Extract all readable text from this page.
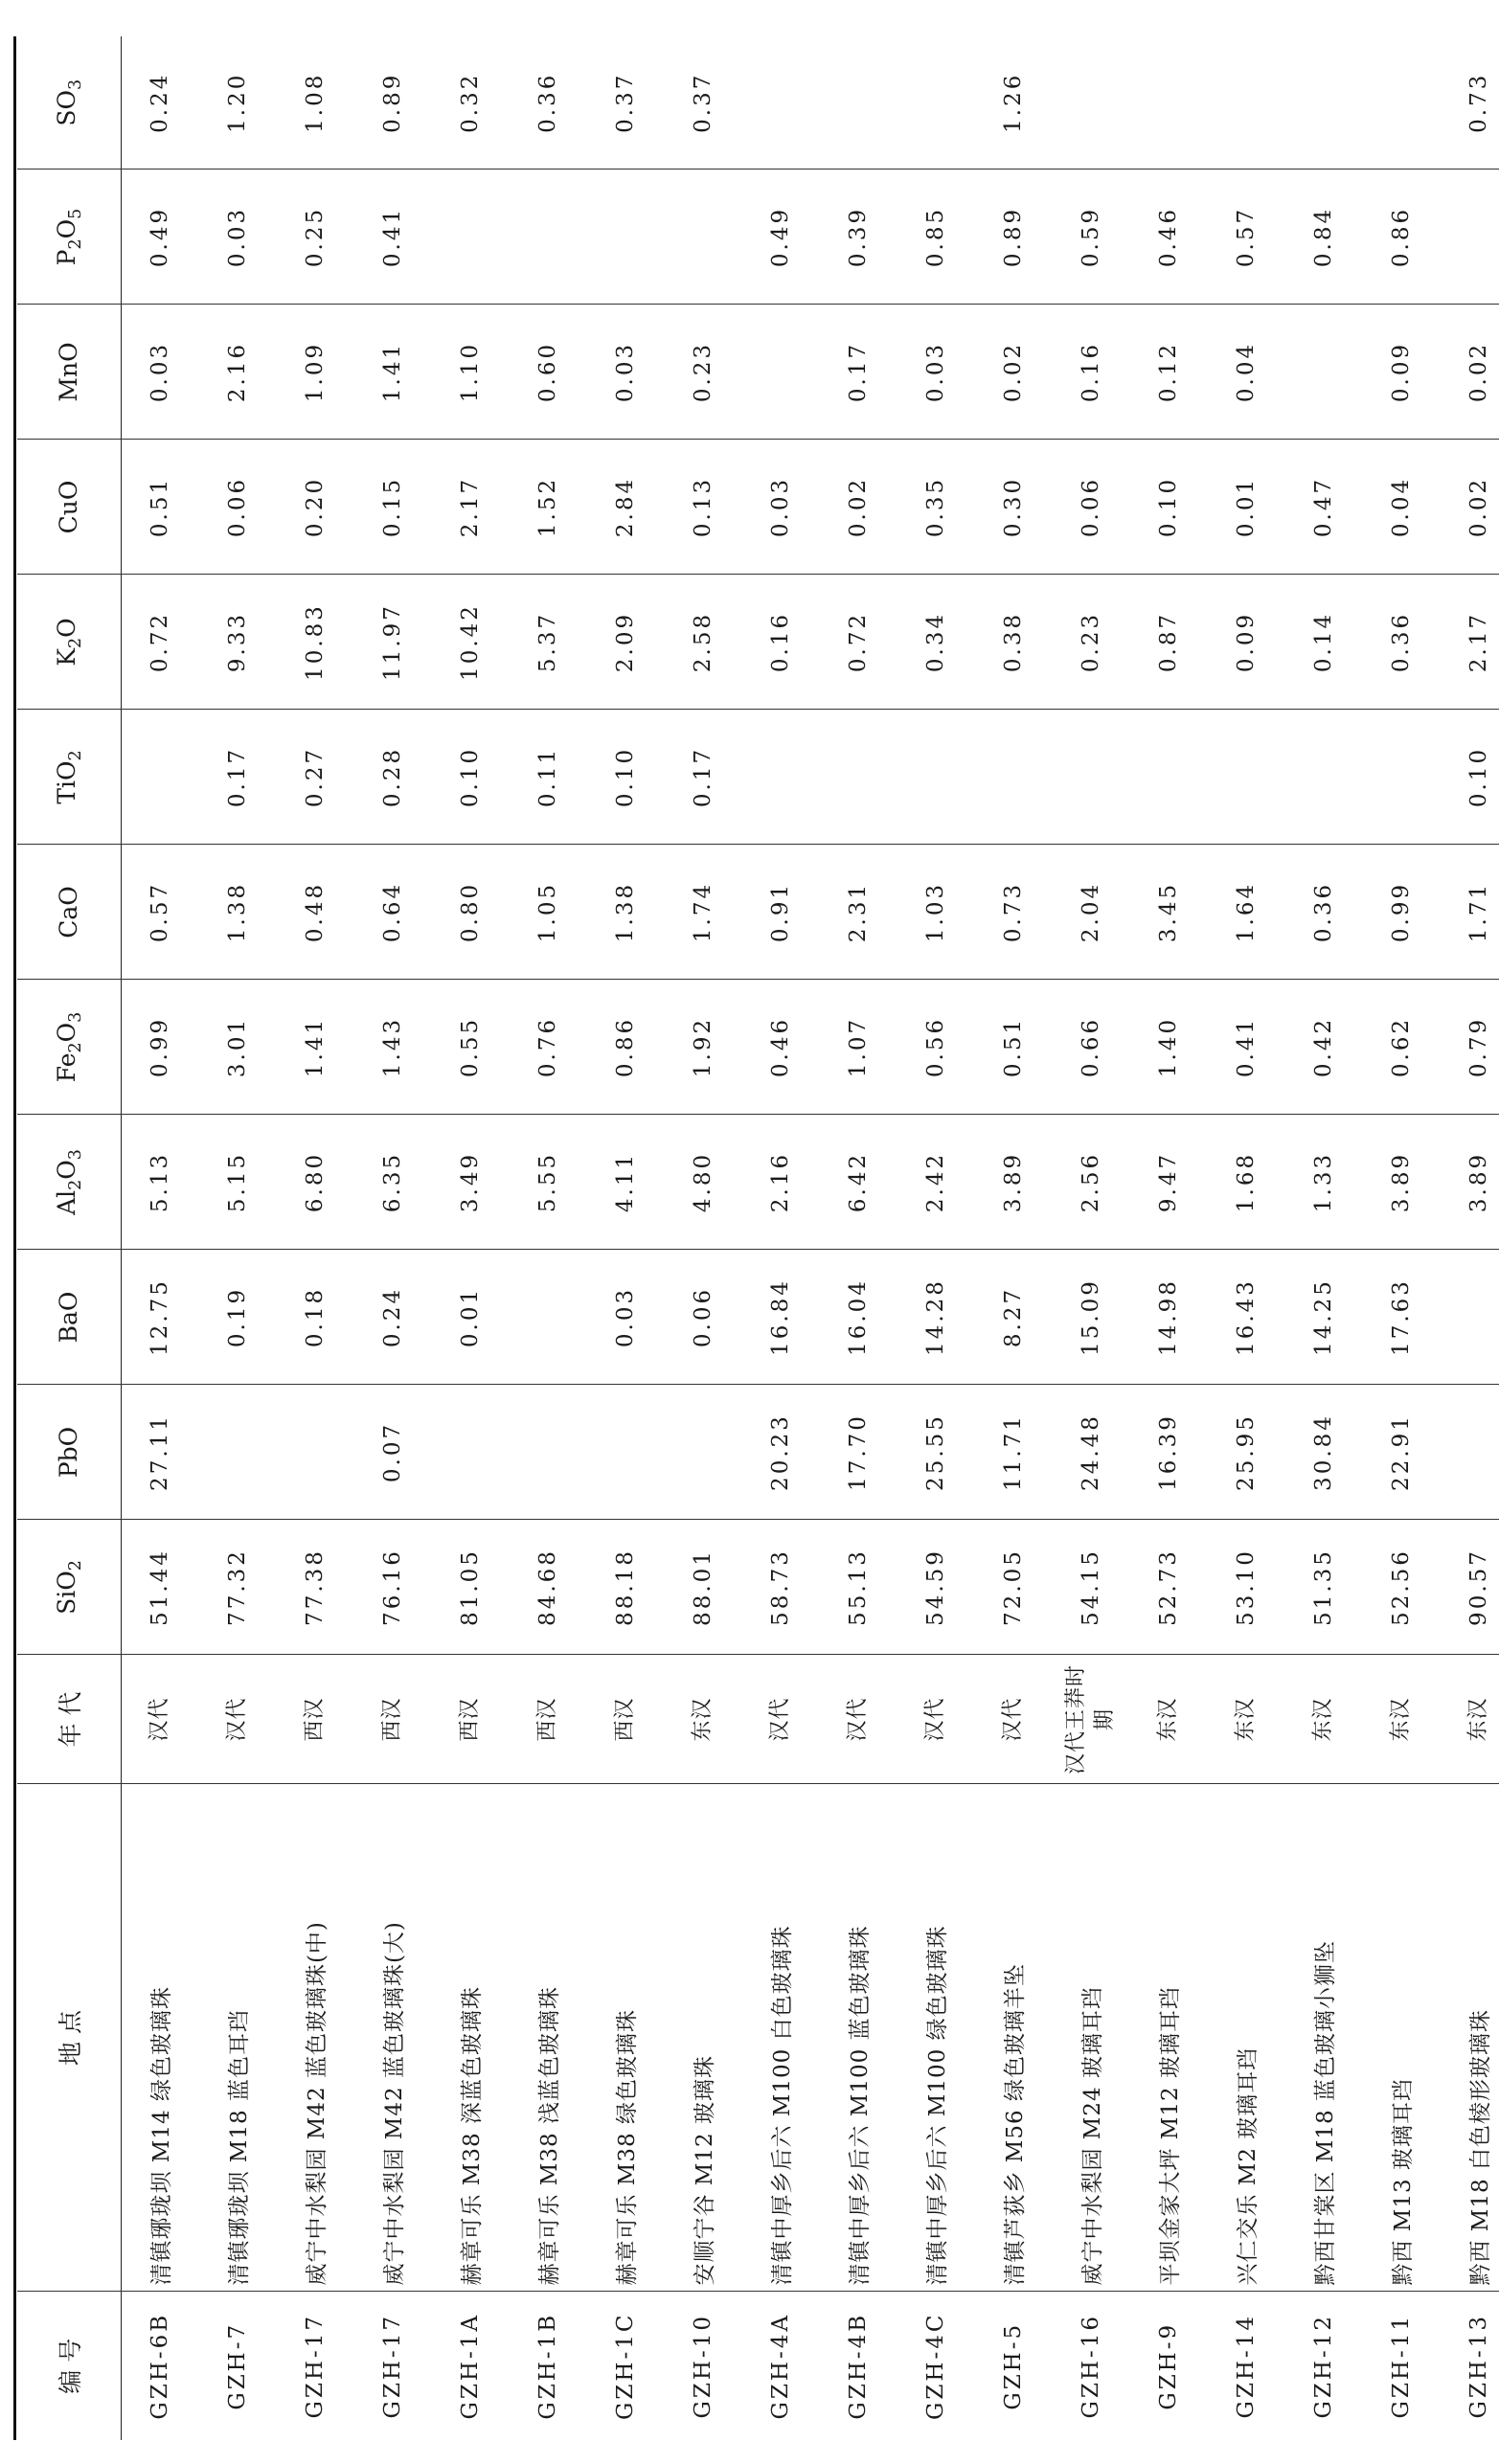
编 号	地 点	年 代	SiO$_2$	PbO	BaO	$Al_2O_3$	$Fe_2O_3$	CaO	TiO$_2$	$K_2O$	CuO	MnO	$P_2O_5$	$SO_3$
GZH-6B	清镇琊珑坝 M14 绿色玻璃珠	汉代	51.44	27.11	12.75	5.13	0.99	0.57		0.72	0.51	0.03	0.49	0.24
GZH-7	清镇琊珑坝 M18 蓝色耳珰	汉代	77.32		0.19	5.15	3.01	1.38	0.17	9.33	0.06	2.16	0.03	1.20
GZH-17	威宁中水梨园 M42 蓝色玻璃珠(中)	西汉	77.38		0.18	6.80	1.41	0.48	0.27	10.83	0.20	1.09	0.25	1.08
GZH-17	威宁中水梨园 M42 蓝色玻璃珠(大)	西汉	76.16	0.07	0.24	6.35	1.43	0.64	0.28	11.97	0.15	1.41	0.41	0.89
GZH-1A	赫章可乐 M38 深蓝色玻璃珠	西汉	81.05		0.01	3.49	0.55	0.80	0.10	10.42	2.17	1.10		0.32
GZH-1B	赫章可乐 M38 浅蓝色玻璃珠	西汉	84.68			5.55	0.76	1.05	0.11	5.37	1.52	0.60		0.36
GZH-1C	赫章可乐 M38 绿色玻璃珠	西汉	88.18		0.03	4.11	0.86	1.38	0.10	2.09	2.84	0.03		0.37
GZH-10	安顺宁谷 M12 玻璃珠	东汉	88.01		0.06	4.80	1.92	1.74	0.17	2.58	0.13	0.23		0.37
GZH-4A	清镇中厚乡后六 M100 白色玻璃珠	汉代	58.73	20.23	16.84	2.16	0.46	0.91		0.16	0.03		0.49	
GZH-4B	清镇中厚乡后六 M100 蓝色玻璃珠	汉代	55.13	17.70	16.04	6.42	1.07	2.31		0.72	0.02	0.17	0.39	
GZH-4C	清镇中厚乡后六 M100 绿色玻璃珠	汉代	54.59	25.55	14.28	2.42	0.56	1.03		0.34	0.35	0.03	0.85	
GZH-5	清镇芦荻乡 M56 绿色玻璃羊坠	汉代	72.05	11.71	8.27	3.89	0.51	0.73		0.38	0.30	0.02	0.89	1.26
GZH-16	威宁中水梨园 M24 玻璃耳珰	汉代王莽时期	54.15	24.48	15.09	2.56	0.66	2.04		0.23	0.06	0.16	0.59	
GZH-9	平坝金家大坪 M12 玻璃耳珰	东汉	52.73	16.39	14.98	9.47	1.40	3.45		0.87	0.10	0.12	0.46	
GZH-14	兴仁交乐 M2 玻璃耳珰	东汉	53.10	25.95	16.43	1.68	0.41	1.64		0.09	0.01	0.04	0.57	
GZH-12	黔西甘棠区 M18 蓝色玻璃小狮坠	东汉	51.35	30.84	14.25	1.33	0.42	0.36		0.14	0.47		0.84	
GZH-11	黔西 M13 玻璃耳珰	东汉	52.56	22.91	17.63	3.89	0.62	0.99		0.36	0.04	0.09	0.86	
GZH-13	黔西 M18 白色棱形玻璃珠	东汉	90.57			3.89	0.79	1.71	0.10	2.17	0.02	0.02		0.73
